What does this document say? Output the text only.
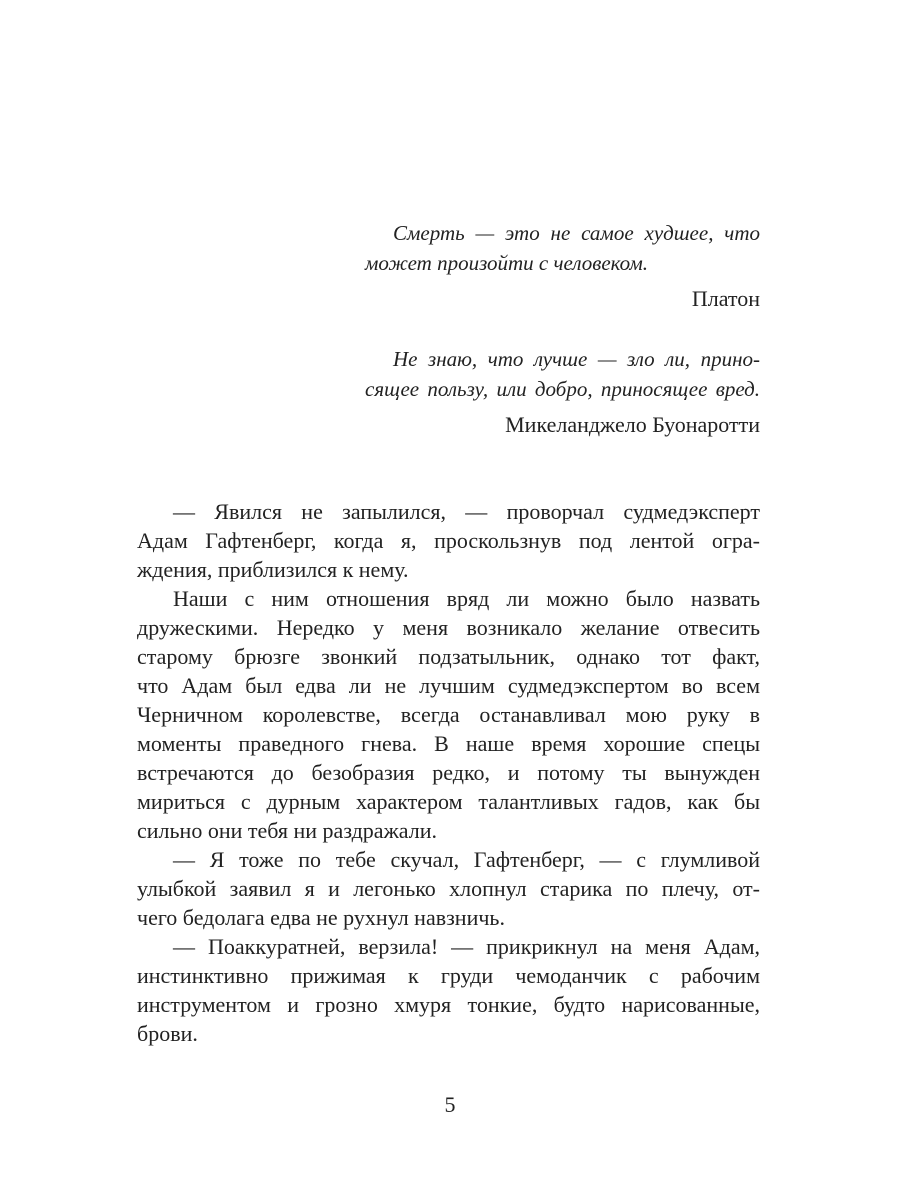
Смерть — это не самое худшее, что
может произойти с человеком.
Платон
Не знаю, что лучше — зло ли, прино-
сящее пользу, или добро, приносящее вред.
Микеланджело Буонаротти
— Явился не запылился, — проворчал судмедэксперт
Адам Гафтенберг, когда я, проскользнув под лентой огра-
ждения, приблизился к нему.
Наши с ним отношения вряд ли можно было назвать
дружескими. Нередко у меня возникало желание отвесить
старому брюзге звонкий подзатыльник, однако тот факт,
что Адам был едва ли не лучшим судмедэкспертом во всем
Черничном королевстве, всегда останавливал мою руку в
моменты праведного гнева. В наше время хорошие спецы
встречаются до безобразия редко, и потому ты вынужден
мириться с дурным характером талантливых гадов, как бы
сильно они тебя ни раздражали.
— Я тоже по тебе скучал, Гафтенберг, — с глумливой
улыбкой заявил я и легонько хлопнул старика по плечу, от-
чего бедолага едва не рухнул навзничь.
— Поаккуратней, верзила! — прикрикнул на меня Адам,
инстинктивно прижимая к груди чемоданчик с рабочим
инструментом и грозно хмуря тонкие, будто нарисованные,
брови.
5
